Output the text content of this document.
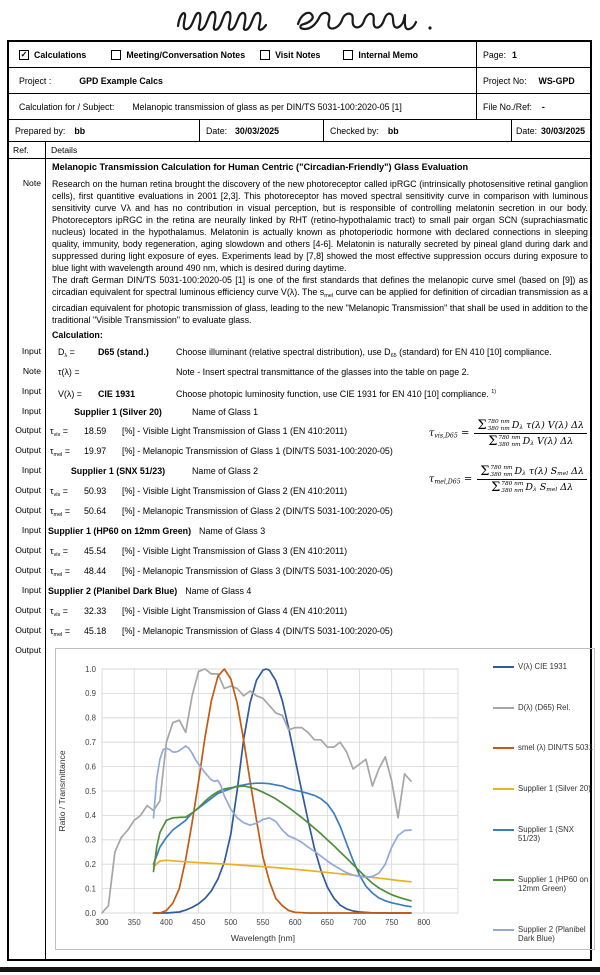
✓ Calculations	Meeting/Conversation Notes	Visit Notes	Internal Memo	Page: 1
Project :	GPD Example Calcs	Project No: WS-GPD
Calculation for / Subject: Melanopic transmission of glass as per DIN/TS 5031-100:2020-05 [1]	File No./Ref: -
Prepared by: bb	Date: 30/03/2025	Checked by: bb	Date: 30/03/2025
Ref.	Details
Melanopic Transmission Calculation for Human Centric ("Circadian-Friendly") Glass Evaluation
Note	Research on the human retina brought the discovery of the new photoreceptor called ipRGC (intrinsically photosensitive retinal ganglion cells), first quantitive evaluations in 2001 [2,3]. This photoreceptor has moved spectral sensitivity curve in comparison with luminous sensitivity curve Vλ and has no contribution in visual perception, but is responsible of controlling melatonin secretion in our body. Photoreceptors ipRGC in the retina are neurally linked by RHT (retino-hypothalamic tract) to small pair organ SCN (suprachiasmatic nucleus) located in the hypothalamus. Melatonin is actually known as photoperiodic hormone with declared connections in sleeping quality, immunity, body regeneration, aging slowdown and others [4-6]. Melatonin is naturally secreted by pineal gland during dark and suppressed during light exposure of eyes. Experiments lead by [7,8] showed the most effective suppression occurs during exposure to blue light with wavelength around 490 nm, which is desired during daytime.
The draft German DIN/TS 5031-100:2020-05 [1] is one of the first standards that defines the melanopic curve smel (based on [9]) as circadian equivalent for spectral luminous efficiency curve V(λ). The $s_{mel}$ curve can be applied for definition of circadian transmission as a circadian equivalent for photopic transmission of glass, leading to the new "Melanopic Transmission" that shall be used in addition to the traditional "Visible Transmission" to evaluate glass.
Calculation:
Input	$D_\lambda$ =	D65 (stand.)	Choose illuminant (relative spectral distribution), use $D_{65}$ (standard) for EN 410 [10] compliance.
Note	τ(λ) =	Note - Insert spectral transmittance of the glasses into the table on page 2.
Input	V(λ) = CIE 1931	Choose photopic luminosity function, use CIE 1931 for EN 410 [10] compliance. $^{1)}$
Input	Supplier 1 (Silver 20)	Name of Glass 1
Output	$\tau_{vis} = 18.59$ [%] - Visible Light Transmission of Glass 1 (EN 410:2011)
Output	$\tau_{mel} = 19.97$ [%] - Melanopic Transmission of Glass 1 (DIN/TS 5031-100:2020-05)
Input	Supplier 1 (SNX 51/23)	Name of Glass 2
Output	$\tau_{vis} = 50.93$ [%] - Visible Light Transmission of Glass 2 (EN 410:2011)
Output	$\tau_{mel} = 50.64$ [%] - Melanopic Transmission of Glass 2 (DIN/TS 5031-100:2020-05)
Input Supplier 1 (HP60 on 12mm Green) Name of Glass 3
Output	$\tau_{vis} = 45.54$ [%] - Visible Light Transmission of Glass 3 (EN 410:2011)
Output	$\tau_{mel} = 48.44$ [%] - Melanopic Transmission of Glass 3 (DIN/TS 5031-100:2020-05)
Input Supplier 2 (Planibel Dark Blue) Name of Glass 4
Output	$\tau_{vis} = 32.33$ [%] - Visible Light Transmission of Glass 4 (EN 410:2011)
Output	$\tau_{mel} = 45.18$ [%] - Melanopic Transmission of Glass 4 (DIN/TS 5031-100:2020-05)
Output
0.0
0.1
0.2
0.3
0.4
0.5
0.6
0.7
0.8
0.9
1.0
300 350 400 450 500 550 600 650 700 750 800
Wavelength [nm]
Ratio / Transmittance
V(λ) CIE 1931
D(λ) (D65) Rel.
smel (λ) DIN/TS 5031
Supplier 1 (Silver 20)
Supplier 1 (SNX 51/23)
Supplier 1 (HP60 on 12mm Green)
Supplier 2 (Planibel Dark Blue)
$\tau_{vis,D65} = \Sigma$ 780 nm
380 nm $D_\lambda$ τ(λ) V(λ) Δλ
Σ 780 nm
380 nm $D_\lambda$ V(λ) Δλ
$\tau_{mel,D65} = \Sigma$ 780 nm
380 nm $D_\lambda$ τ(λ) $S_{mel}$ Δλ
Σ 780 nm
380 nm $D_\lambda$ $S_{mel}$ Δλ
